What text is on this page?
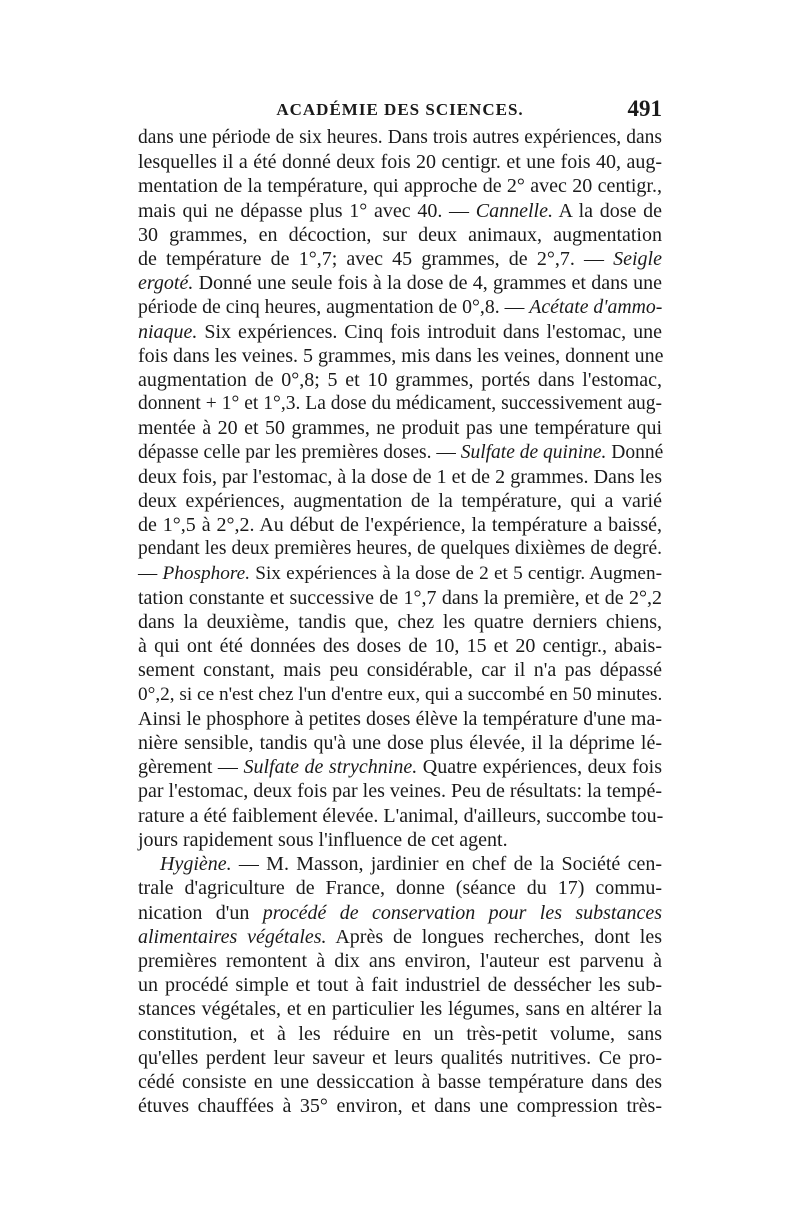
ACADÉMIE DES SCIENCES.	491
dans une période de six heures. Dans trois autres expériences, dans
lesquelles il a été donné deux fois 20 centigr. et une fois 40, aug-
mentation de la température, qui approche de 2° avec 20 centigr.,
mais qui ne dépasse plus 1° avec 40. — Cannelle. A la dose de
30 grammes, en décoction, sur deux animaux, augmentation
de température de 1°,7; avec 45 grammes, de 2°,7. — Seigle
ergoté. Donné une seule fois à la dose de 4, grammes et dans une
période de cinq heures, augmentation de 0°,8. — Acétate d'ammo-
niaque. Six expériences. Cinq fois introduit dans l'estomac, une
fois dans les veines. 5 grammes, mis dans les veines, donnent une
augmentation de 0°,8; 5 et 10 grammes, portés dans l'estomac,
donnent + 1° et 1°,3. La dose du médicament, successivement aug-
mentée à 20 et 50 grammes, ne produit pas une température qui
dépasse celle par les premières doses. — Sulfate de quinine. Donné
deux fois, par l'estomac, à la dose de 1 et de 2 grammes. Dans les
deux expériences, augmentation de la température, qui a varié
de 1°,5 à 2°,2. Au début de l'expérience, la température a baissé,
pendant les deux premières heures, de quelques dixièmes de degré.
— Phosphore. Six expériences à la dose de 2 et 5 centigr. Augmen-
tation constante et successive de 1°,7 dans la première, et de 2°,2
dans la deuxième, tandis que, chez les quatre derniers chiens,
à qui ont été données des doses de 10, 15 et 20 centigr., abais-
sement constant, mais peu considérable, car il n'a pas dépassé
0°,2, si ce n'est chez l'un d'entre eux, qui a succombé en 50 minutes.
Ainsi le phosphore à petites doses élève la température d'une ma-
nière sensible, tandis qu'à une dose plus élevée, il la déprime lé-
gèrement — Sulfate de strychnine. Quatre expériences, deux fois
par l'estomac, deux fois par les veines. Peu de résultats: la tempé-
rature a été faiblement élevée. L'animal, d'ailleurs, succombe tou-
jours rapidement sous l'influence de cet agent.
Hygiène. — M. Masson, jardinier en chef de la Société cen-
trale d'agriculture de France, donne (séance du 17) commu-
nication d'un procédé de conservation pour les substances
alimentaires végétales. Après de longues recherches, dont les
premières remontent à dix ans environ, l'auteur est parvenu à
un procédé simple et tout à fait industriel de dessécher les sub-
stances végétales, et en particulier les légumes, sans en altérer la
constitution, et à les réduire en un très-petit volume, sans
qu'elles perdent leur saveur et leurs qualités nutritives. Ce pro-
cédé consiste en une dessiccation à basse température dans des
étuves chauffées à 35° environ, et dans une compression très-
